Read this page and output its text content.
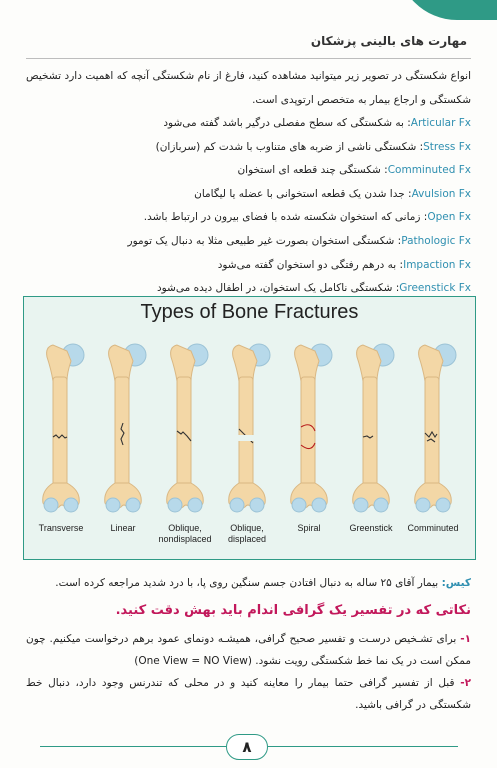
مهارت های بالینی پزشکان
انواع شکستگی در تصویر زیر میتوانید مشاهده کنید، فارغ از نام شکستگی آنچه که اهمیت دارد تشخیص شکستگی و ارجاع بیمار به متخصص ارتوپدی است.
Articular Fx: به شکستگی که سطح مفصلی درگیر باشد گفته می‌شود
Stress Fx: شکستگی ناشی از ضربه های متناوب با شدت کم (سربازان)
Comminuted Fx: شکستگی چند قطعه ای استخوان
Avulsion Fx: جدا شدن یک قطعه استخوانی با عضله یا لیگامان
Open Fx: زمانی که استخوان شکسته شده با فضای بیرون در ارتباط باشد.
Pathologic Fx: شکستگی استخوان بصورت غیر طبیعی مثلا به دنبال یک تومور
Impaction Fx: به درهم رفتگی دو استخوان گفته می‌شود
Greenstick Fx: شکستگی ناکامل یک استخوان، در اطفال دیده می‌شود
Types of Bone Fractures
Transverse	Linear	Oblique,
nondisplaced
Oblique,
displaced
Spiral	Greenstick	Comminuted
کیس: بیمار آقای ۲۵ ساله به دنبال افتادن جسم سنگین روی پا، با درد شدید مراجعه کرده است.
نکاتی که در تفسیر یک گرافی اندام باید بهش دقت کنید.
۱- برای تشـخیص درسـت و تفسیر صحیح گرافی، همیشـه دونمای عمود برهم درخواست میکنیم. چون ممکن است در یک نما خط شکستگی رویت نشود. (One View = NO View)
۲- قبل از تفسیر گرافی حتما بیمار را معاینه کنید و در محلی که تندرنس وجود دارد، دنبال خط شکستگی در گرافی باشید.
۸
